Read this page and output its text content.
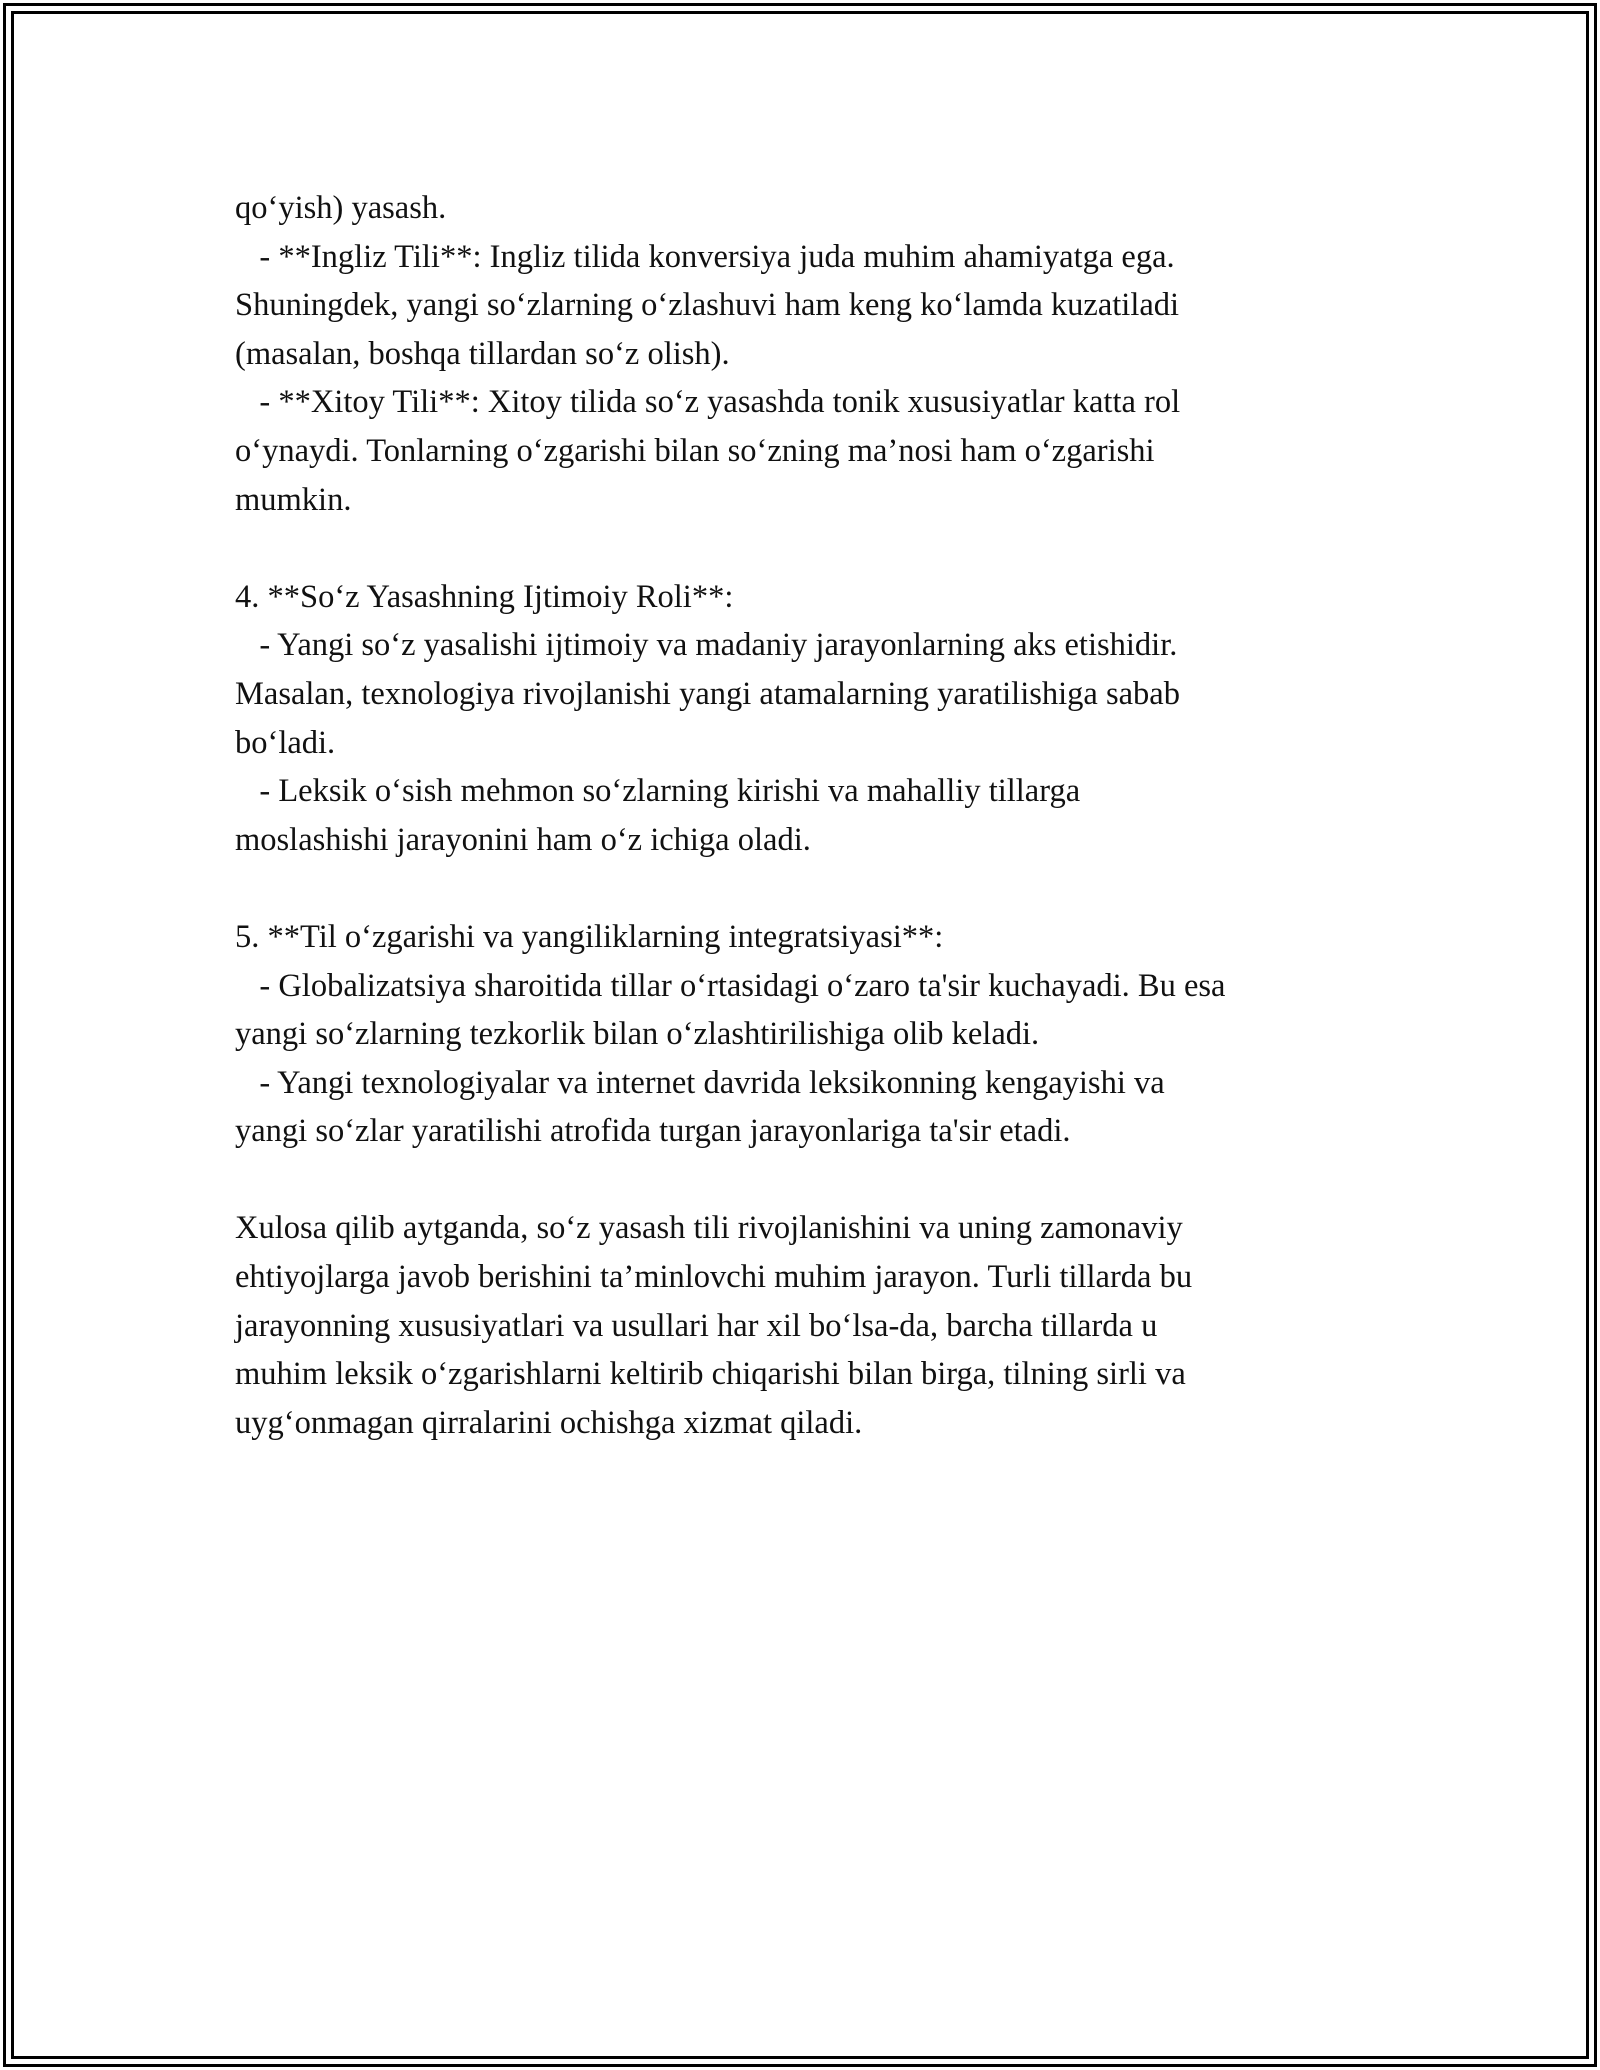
qo‘yish) yasash.
- **Ingliz Tili**: Ingliz tilida konversiya juda muhim ahamiyatga ega.
Shuningdek, yangi so‘zlarning o‘zlashuvi ham keng ko‘lamda kuzatiladi
(masalan, boshqa tillardan so‘z olish).
- **Xitoy Tili**: Xitoy tilida so‘z yasashda tonik xususiyatlar katta rol
o‘ynaydi. Tonlarning o‘zgarishi bilan so‘zning ma’nosi ham o‘zgarishi
mumkin.
4. **So‘z Yasashning Ijtimoiy Roli**:
- Yangi so‘z yasalishi ijtimoiy va madaniy jarayonlarning aks etishidir.
Masalan, texnologiya rivojlanishi yangi atamalarning yaratilishiga sabab
bo‘ladi.
- Leksik o‘sish mehmon so‘zlarning kirishi va mahalliy tillarga
moslashishi jarayonini ham o‘z ichiga oladi.
5. **Til o‘zgarishi va yangiliklarning integratsiyasi**:
- Globalizatsiya sharoitida tillar o‘rtasidagi o‘zaro ta'sir kuchayadi. Bu esa
yangi so‘zlarning tezkorlik bilan o‘zlashtirilishiga olib keladi.
- Yangi texnologiyalar va internet davrida leksikonning kengayishi va
yangi so‘zlar yaratilishi atrofida turgan jarayonlariga ta'sir etadi.
Xulosa qilib aytganda, so‘z yasash tili rivojlanishini va uning zamonaviy
ehtiyojlarga javob berishini ta’minlovchi muhim jarayon. Turli tillarda bu
jarayonning xususiyatlari va usullari har xil bo‘lsa-da, barcha tillarda u
muhim leksik o‘zgarishlarni keltirib chiqarishi bilan birga, tilning sirli va
uyg‘onmagan qirralarini ochishga xizmat qiladi.
